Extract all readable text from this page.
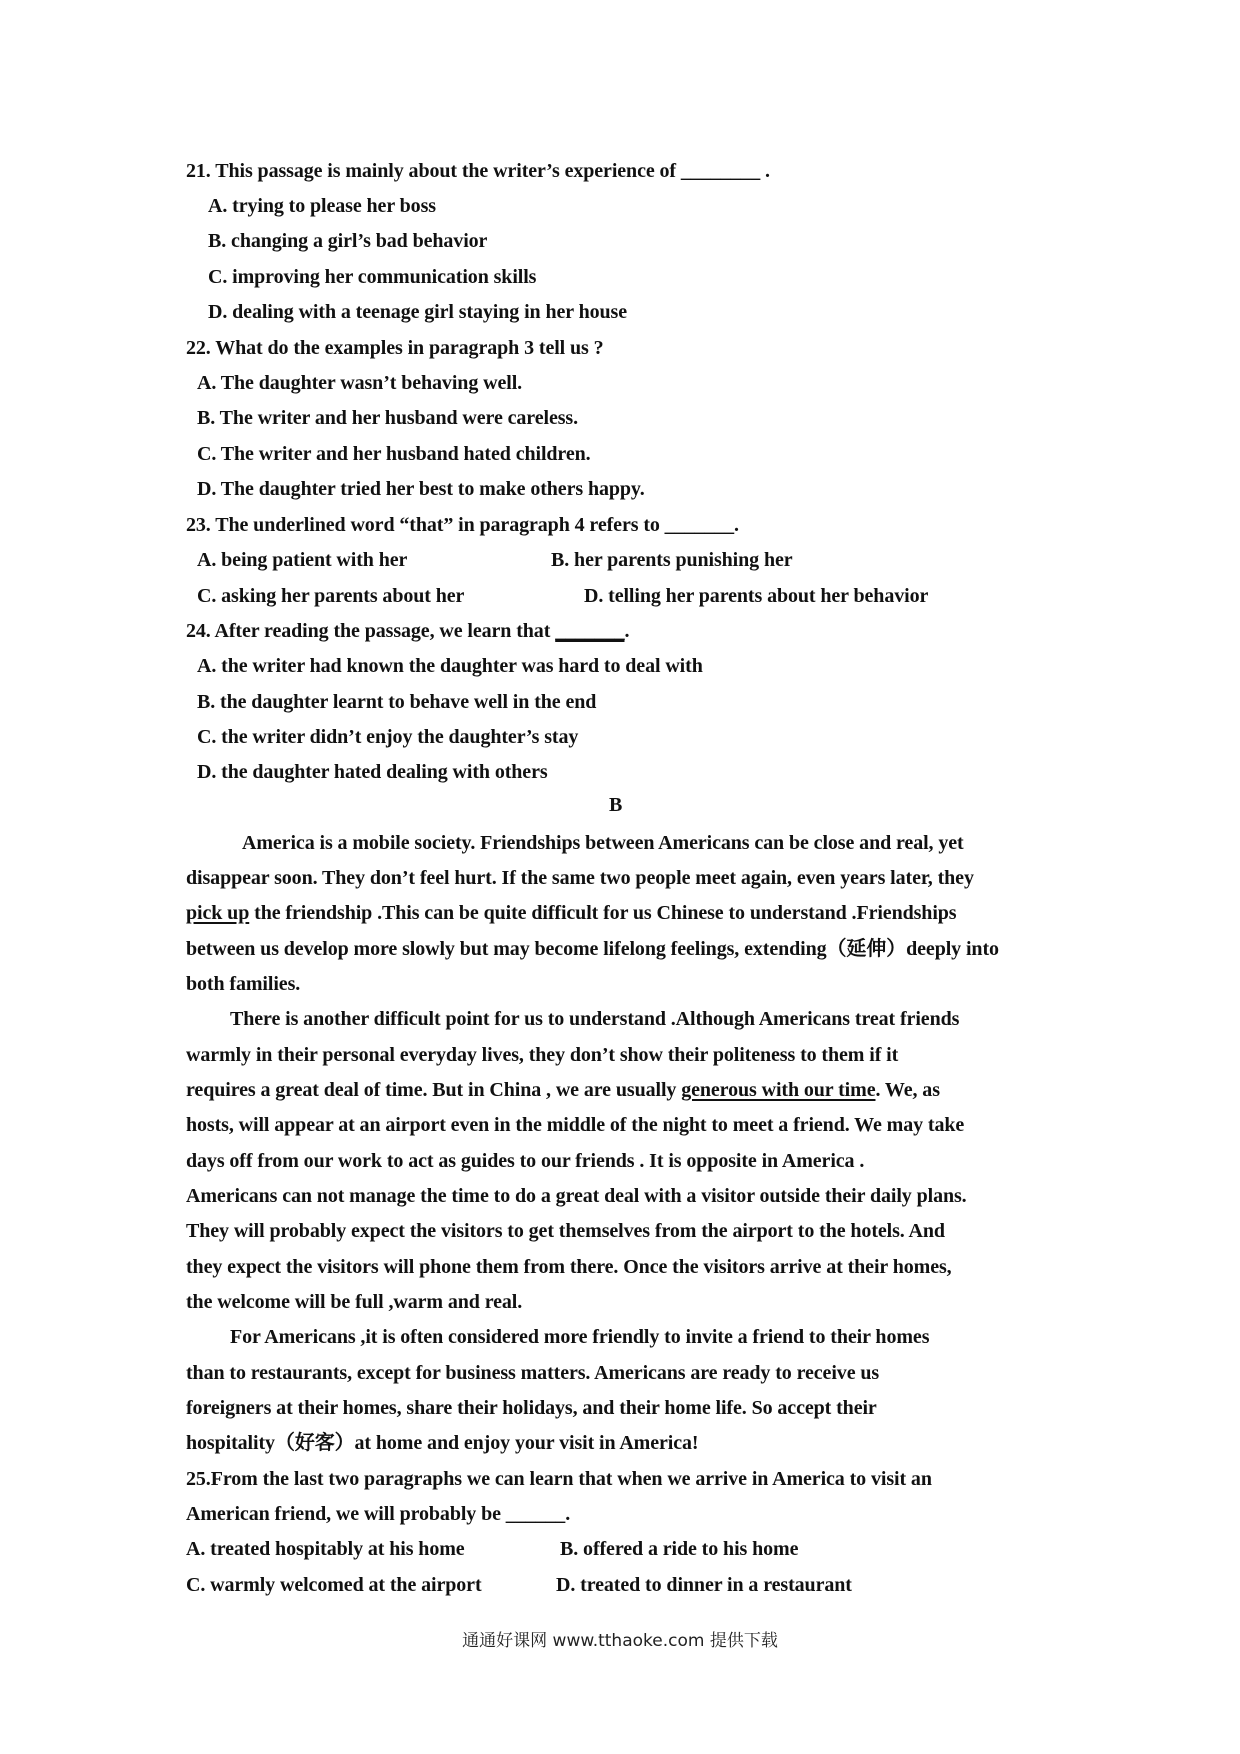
21. This passage is mainly about the writer’s experience of ________ .
A. trying to please her boss
B. changing a girl’s bad behavior
C. improving her communication skills
D. dealing with a teenage girl staying in her house
22. What do the examples in paragraph 3 tell us ?
A. The daughter wasn’t behaving well.
B. The writer and her husband were careless.
C. The writer and her husband hated children.
D. The daughter tried her best to make others happy.
23. The underlined word “that” in paragraph 4 refers to _______.
A. being patient with her	B. her parents punishing her
C. asking her parents about her	D. telling her parents about her behavior
24. After reading the passage, we learn that _______.
A. the writer had known the daughter was hard to deal with
B. the daughter learnt to behave well in the end
C. the writer didn’t enjoy the daughter’s stay
D. the daughter hated dealing with others
B
America is a mobile society. Friendships between Americans can be close and real, yet
disappear soon. They don’t feel hurt. If the same two people meet again, even years later, they
pick up the friendship .This can be quite difficult for us Chinese to understand .Friendships
between us develop more slowly but may become lifelong feelings, extending（延伸）deeply into
both families.
There is another difficult point for us to understand .Although Americans treat friends
warmly in their personal everyday lives, they don’t show their politeness to them if it
requires a great deal of time. But in China , we are usually generous with our time. We, as
hosts, will appear at an airport even in the middle of the night to meet a friend. We may take
days off from our work to act as guides to our friends . It is opposite in America .
Americans can not manage the time to do a great deal with a visitor outside their daily plans.
They will probably expect the visitors to get themselves from the airport to the hotels. And
they expect the visitors will phone them from there. Once the visitors arrive at their homes,
the welcome will be full ,warm and real.
For Americans ,it is often considered more friendly to invite a friend to their homes
than to restaurants, except for business matters. Americans are ready to receive us
foreigners at their homes, share their holidays, and their home life. So accept their
hospitality（好客）at home and enjoy your visit in America!
25.From the last two paragraphs we can learn that when we arrive in America to visit an
American friend, we will probably be ______.
A. treated hospitably at his home	B. offered a ride to his home
C. warmly welcomed at the airport	D. treated to dinner in a restaurant
通通好课网 www.tthaoke.com 提供下载
